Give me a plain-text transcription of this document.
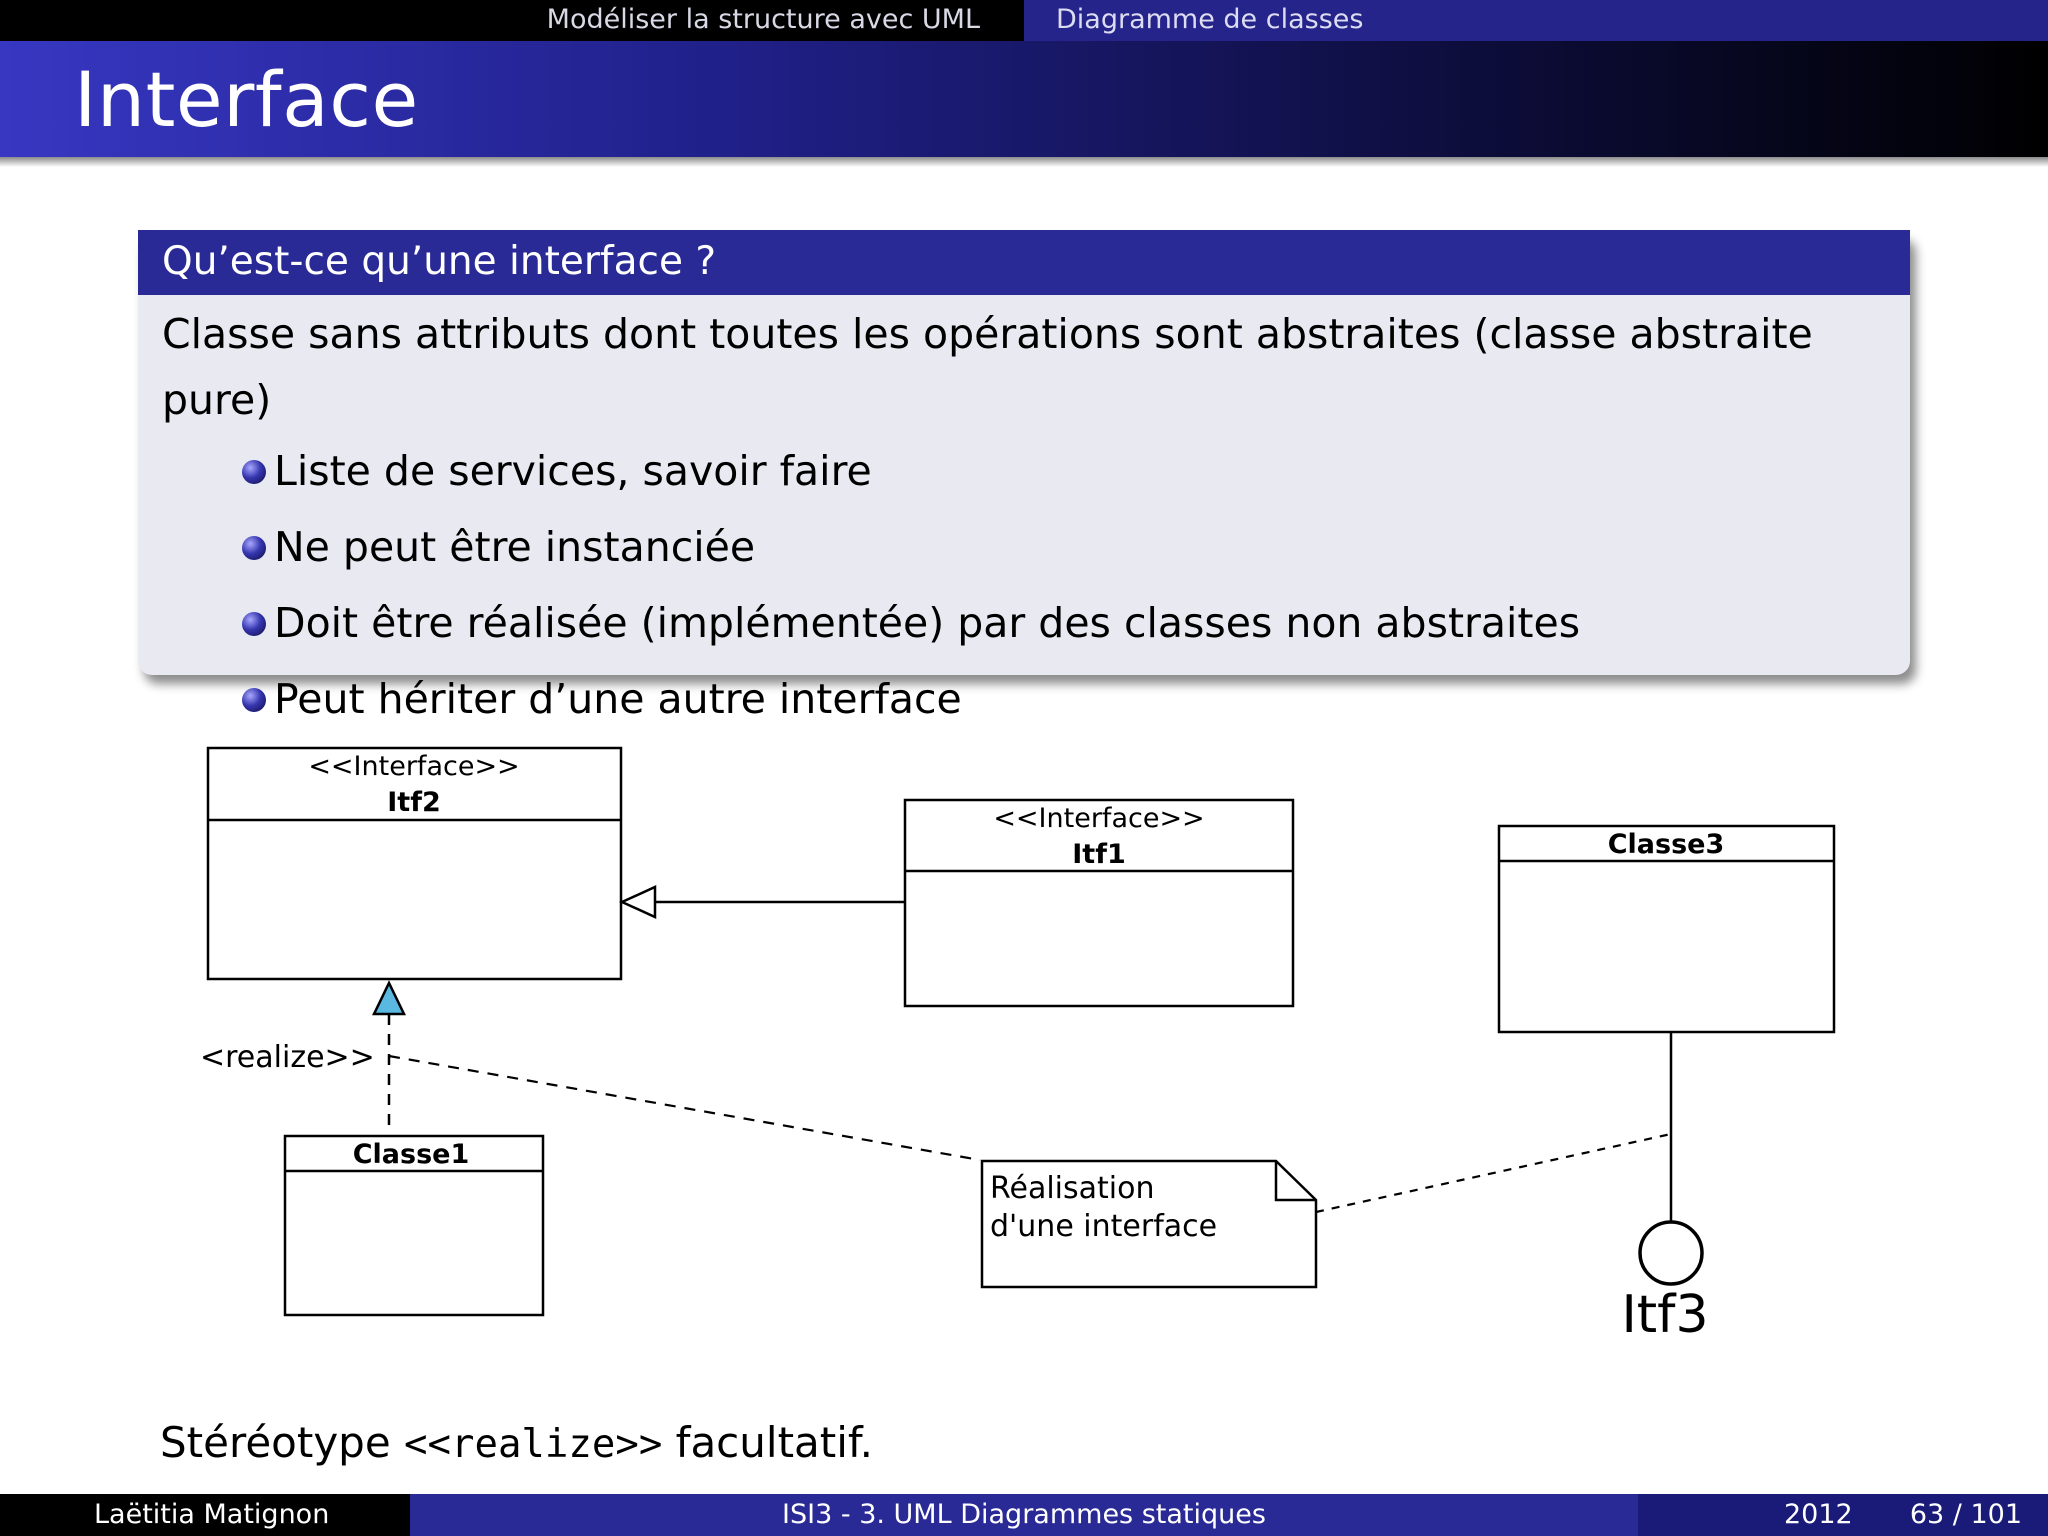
Modéliser la structure avec UML	Diagramme de classes
Interface
Qu’est-ce qu’une interface ?
Classe sans attributs dont toutes les opérations sont abstraites (classe abstraite pure)
Liste de services, savoir faire
Ne peut être instanciée
Doit être réalisée (implémentée) par des classes non abstraites
Peut hériter d’une autre interface
<<Interface>>
Itf2
<<Interface>>
Itf1	Classe3
Classe1
<realize>>
Réalisation
d'une interface
Itf3
Stéréotype <<realize>> facultatif.
Laëtitia Matignon	ISI3 - 3. UML Diagrammes statiques	2012 63 / 101
